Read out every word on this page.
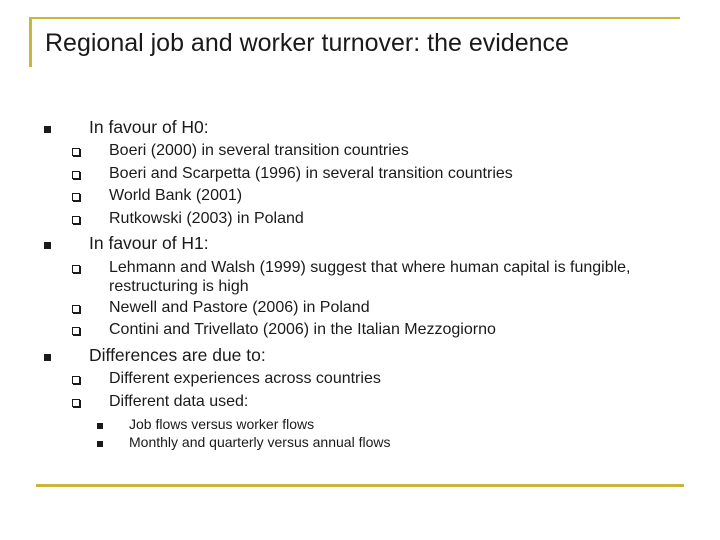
Regional job and worker turnover: the evidence
In favour of H0:
Boeri (2000) in several transition countries
Boeri and Scarpetta (1996) in several transition countries
World Bank (2001)
Rutkowski (2003) in Poland
In favour of H1:
Lehmann and Walsh (1999) suggest that where human capital is fungible, restructuring is high
Newell and Pastore (2006) in Poland
Contini and Trivellato (2006) in the Italian Mezzogiorno
Differences are due to:
Different experiences across countries
Different data used:
Job flows versus worker flows
Monthly and quarterly versus annual flows
